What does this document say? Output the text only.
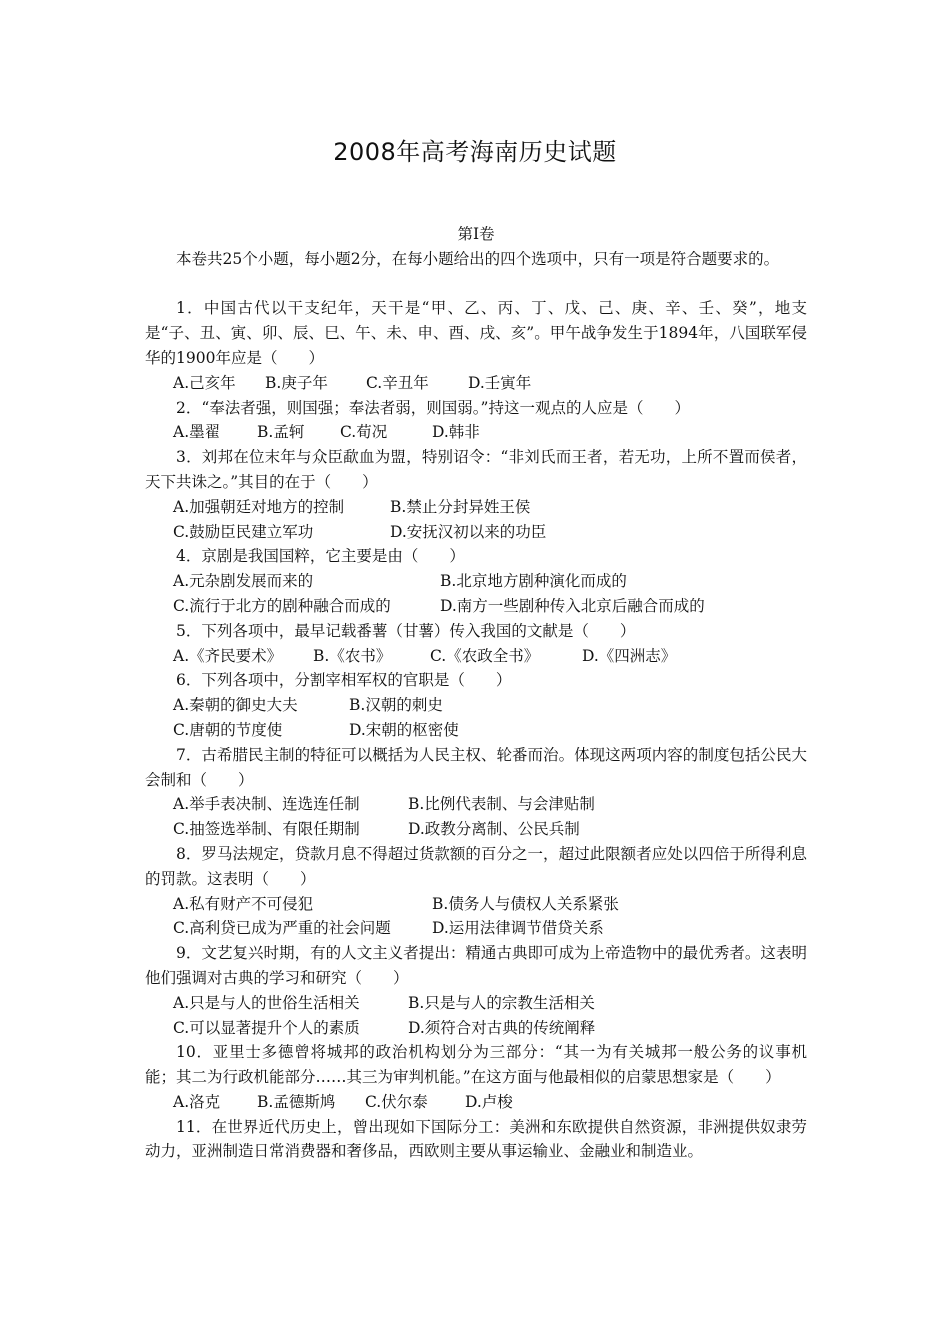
2008年高考海南历史试题

第Ⅰ卷

本卷共25个小题，每小题2分，在每小题给出的四个选项中，只有一项是符合题要求的。

1．中国古代以干支纪年，天干是“甲、乙、丙、丁、戊、己、庚、辛、壬、癸”，地支是“子、丑、寅、卯、辰、巳、午、未、申、酉、戌、亥”。甲午战争发生于1894年，八国联军侵华的1900年应是（　　）

A.己亥年 B.庚子年 C.辛丑年	D.壬寅年

2．“奉法者强，则国强；奉法者弱，则国弱。”持这一观点的人应是（　　）

A.墨翟 B.孟轲 C.荀况	D.韩非

3．刘邦在位末年与众臣歃血为盟，特别诏令：“非刘氏而王者，若无功，上所不置而侯者，天下共诛之。”其目的在于（　　）

A.加强朝廷对地方的控制	B.禁止分封异姓王侯
C.鼓励臣民建立军功	D.安抚汉初以来的功臣

4．京剧是我国国粹，它主要是由（　　）

A.元杂剧发展而来的	B.北京地方剧种演化而成的
C.流行于北方的剧种融合而成的	D.南方一些剧种传入北京后融合而成的

5．下列各项中，最早记载番薯（甘薯）传入我国的文献是（　　）

A.《齐民要术》 B.《农书》 C.《农政全书》	D.《四洲志》

6．下列各项中，分割宰相军权的官职是（　　）

A.秦朝的御史大夫	B.汉朝的刺史
C.唐朝的节度使	D.宋朝的枢密使

7．古希腊民主制的特征可以概括为人民主权、轮番而治。体现这两项内容的制度包括公民大会制和（　　）

A.举手表决制、连选连任制	B.比例代表制、与会津贴制
C.抽签选举制、有限任期制	D.政教分离制、公民兵制

8．罗马法规定，贷款月息不得超过货款额的百分之一，超过此限额者应处以四倍于所得利息的罚款。这表明（　　）

A.私有财产不可侵犯	B.债务人与债权人关系紧张
C.高利贷已成为严重的社会问题	D.运用法律调节借贷关系

9．文艺复兴时期，有的人文主义者提出：精通古典即可成为上帝造物中的最优秀者。这表明他们强调对古典的学习和研究（　　）

A.只是与人的世俗生活相关	B.只是与人的宗教生活相关
C.可以显著提升个人的素质	D.须符合对古典的传统阐释

10．亚里士多德曾将城邦的政治机构划分为三部分：“其一为有关城邦一般公务的议事机能；其二为行政机能部分……其三为审判机能。”在这方面与他最相似的启蒙思想家是（　　）

A.洛克 B.孟德斯鸠 C.伏尔泰 D.卢梭

11．在世界近代历史上，曾出现如下国际分工：美洲和东欧提供自然资源，非洲提供奴隶劳动力，亚洲制造日常消费器和奢侈品，西欧则主要从事运输业、金融业和制造业。
